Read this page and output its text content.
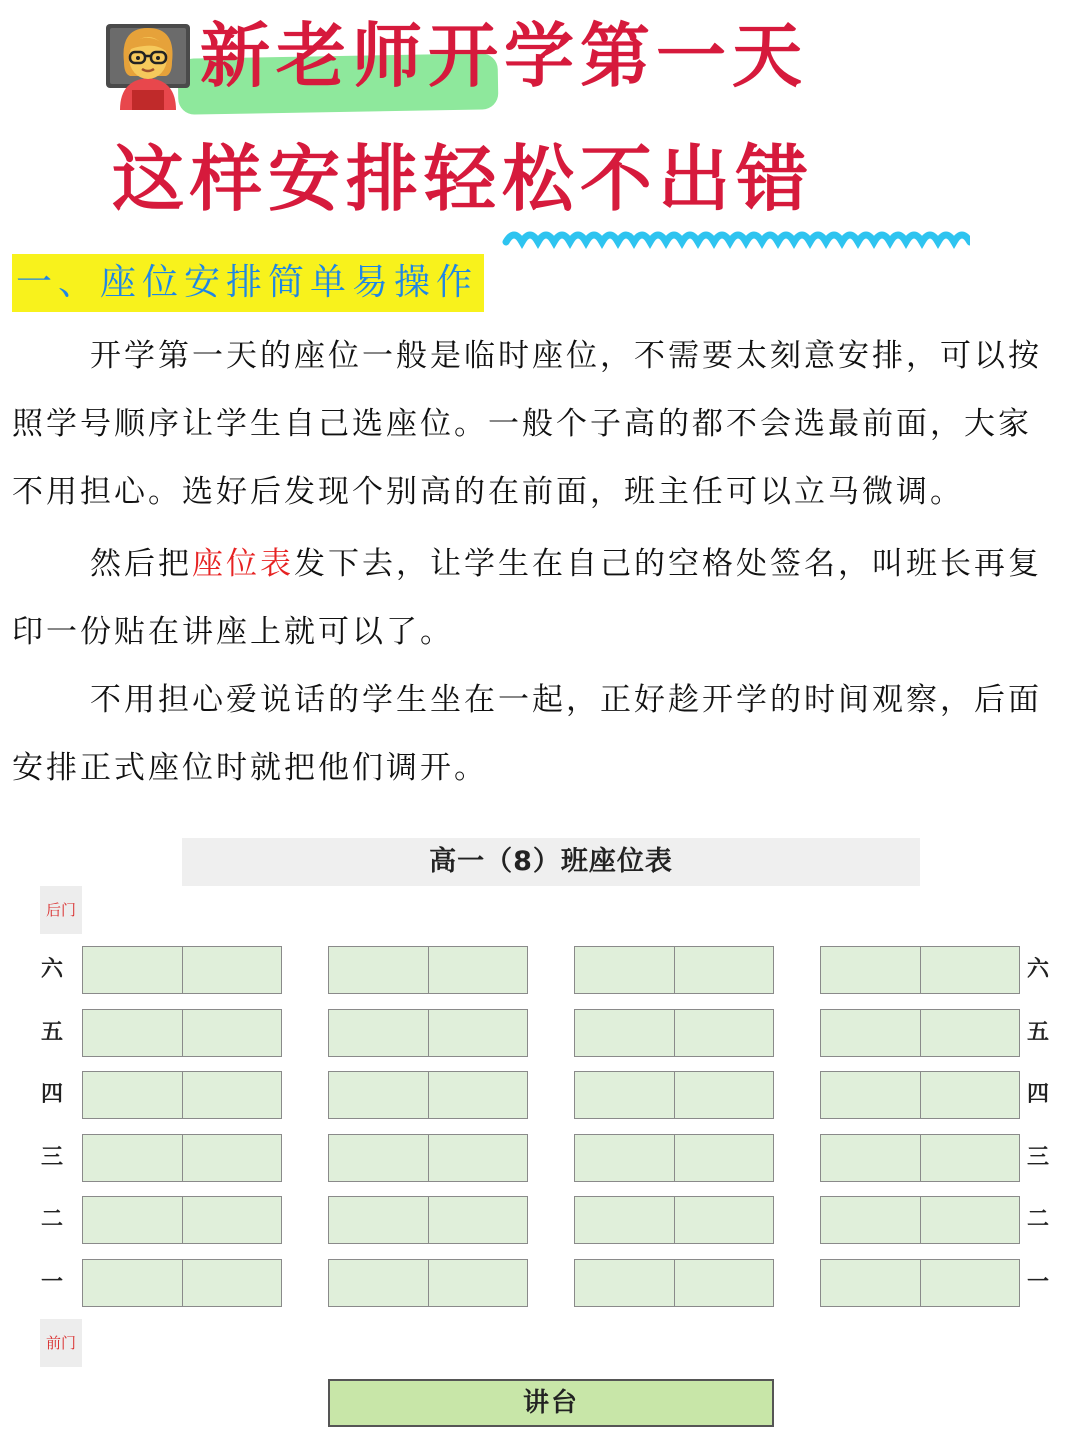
新老师开学第一天
这样安排轻松不出错
一、座位安排简单易操作
开学第一天的座位一般是临时座位，不需要太刻意安排，可以按照学号顺序让学生自己选座位。一般个子高的都不会选最前面，大家不用担心。选好后发现个别高的在前面，班主任可以立马微调。
然后把座位表发下去，让学生在自己的空格处签名，叫班长再复印一份贴在讲座上就可以了。
不用担心爱说话的学生坐在一起，正好趁开学的时间观察，后面安排正式座位时就把他们调开。
高一（8）班座位表
后门
六	六
五	五
四	四
三	三
二	二
一	一
前门
讲台
